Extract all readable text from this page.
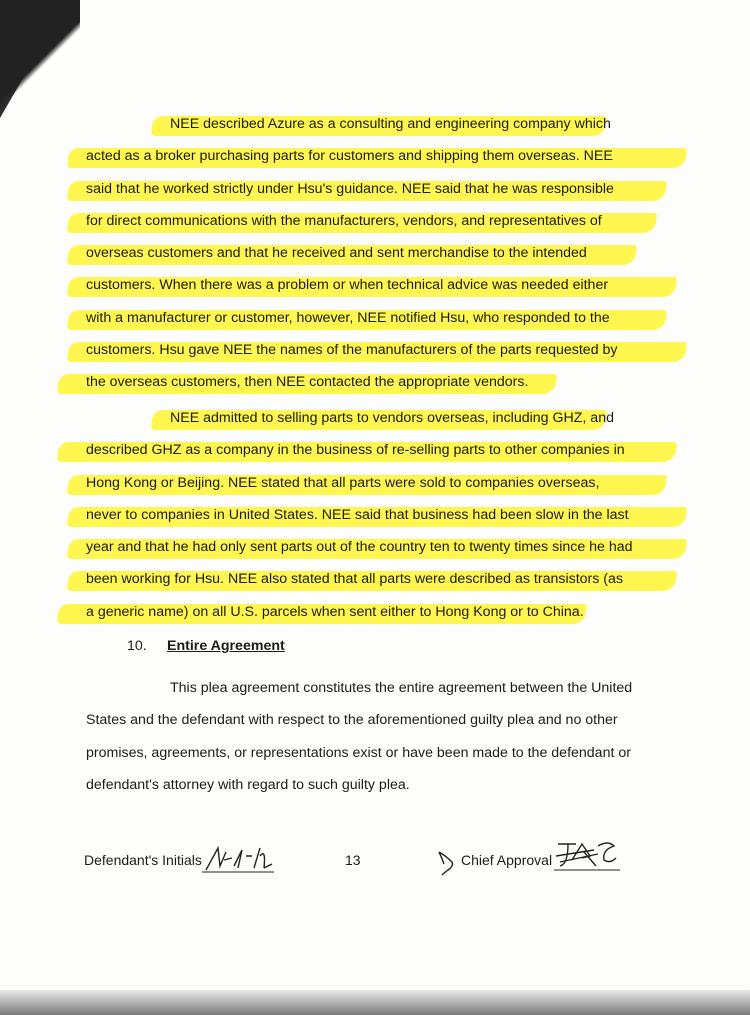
NEE described Azure as a consulting and engineering company which
acted as a broker purchasing parts for customers and shipping them overseas. NEE
said that he worked strictly under Hsu's guidance. NEE said that he was responsible
for direct communications with the manufacturers, vendors, and representatives of
overseas customers and that he received and sent merchandise to the intended
customers. When there was a problem or when technical advice was needed either
with a manufacturer or customer, however, NEE notified Hsu, who responded to the
customers. Hsu gave NEE the names of the manufacturers of the parts requested by
the overseas customers, then NEE contacted the appropriate vendors.
NEE admitted to selling parts to vendors overseas, including GHZ, and
described GHZ as a company in the business of re-selling parts to other companies in
Hong Kong or Beijing. NEE stated that all parts were sold to companies overseas,
never to companies in United States. NEE said that business had been slow in the last
year and that he had only sent parts out of the country ten to twenty times since he had
been working for Hsu. NEE also stated that all parts were described as transistors (as
a generic name) on all U.S. parcels when sent either to Hong Kong or to China.
10. Entire Agreement
This plea agreement constitutes the entire agreement between the United
States and the defendant with respect to the aforementioned guilty plea and no other
promises, agreements, or representations exist or have been made to the defendant or
defendant's attorney with regard to such guilty plea.
Defendant's Initials	13	Chief Approval
